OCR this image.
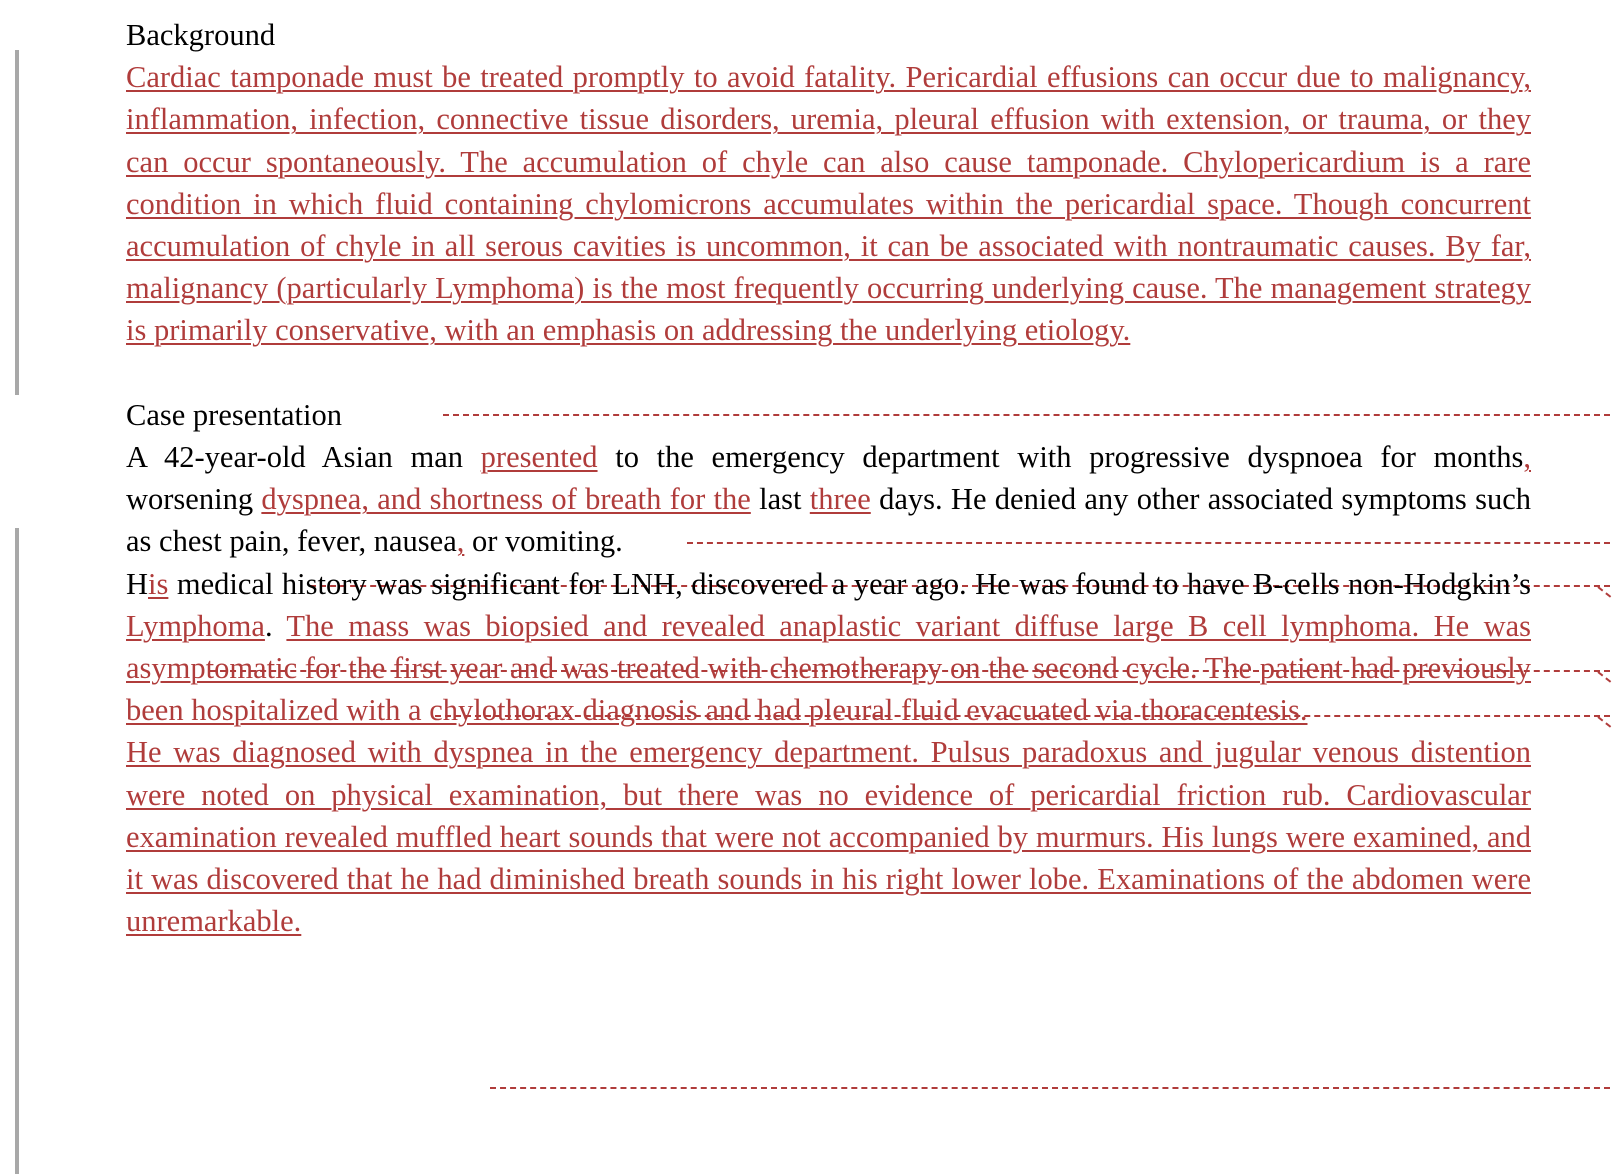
Background

Cardiac tamponade must be treated promptly to avoid fatality. Pericardial effusions can occur due to malignancy, inflammation, infection, connective tissue disorders, uremia, pleural effusion with extension, or trauma, or they can occur spontaneously. The accumulation of chyle can also cause tamponade. Chylopericardium is a rare condition in which fluid containing chylomicrons accumulates within the pericardial space. Though concurrent accumulation of chyle in all serous cavities is uncommon, it can be associated with nontraumatic causes. By far, malignancy (particularly Lymphoma) is the most frequently occurring underlying cause. The management strategy is primarily conservative, with an emphasis on addressing the underlying etiology.

Case presentation

A 42-year-old Asian man presented to the emergency department with progressive dyspnoea for months, worsening dyspnea, and shortness of breath for the last three days. He denied any other associated symptoms such as chest pain, fever, nausea, or vomiting.

His medical history was significant for LNH, discovered a year ago. He was found to have B-cells non-Hodgkin’s Lymphoma. The mass was biopsied and revealed anaplastic variant diffuse large B cell lymphoma. He was asymptomatic for the first year and was treated with chemotherapy on the second cycle. The patient had previously been hospitalized with a chylothorax diagnosis and had pleural fluid evacuated via thoracentesis.

He was diagnosed with dyspnea in the emergency department. Pulsus paradoxus and jugular venous distention were noted on physical examination, but there was no evidence of pericardial friction rub. Cardiovascular examination revealed muffled heart sounds that were not accompanied by murmurs. His lungs were examined, and it was discovered that he had diminished breath sounds in his right lower lobe. Examinations of the abdomen were unremarkable.
